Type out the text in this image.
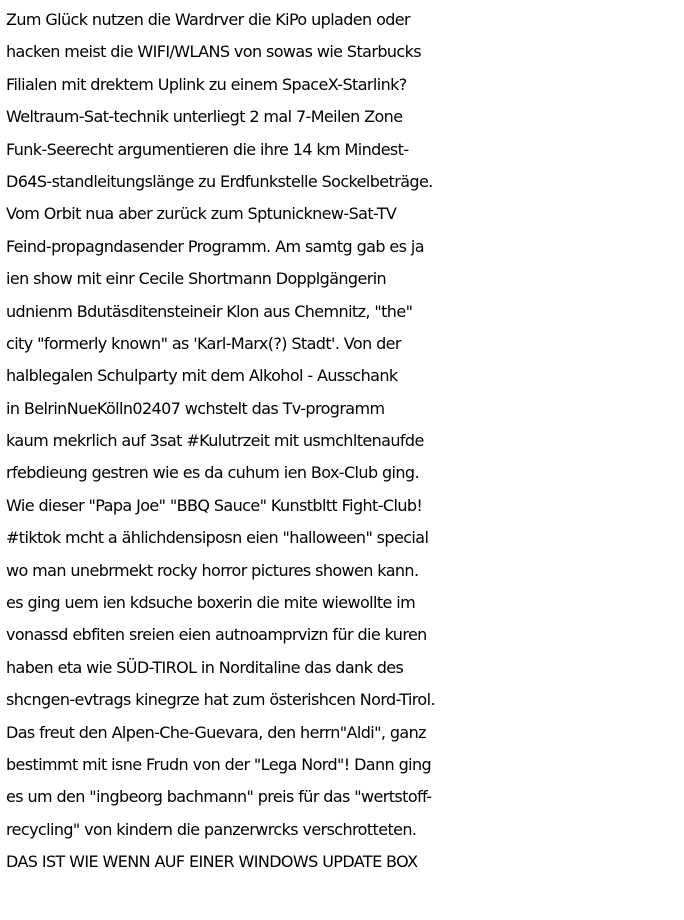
Zum Glück nutzen die Wardrver die KiPo upladen oder
hacken meist die WIFI/WLANS von sowas wie Starbucks
Filialen mit drektem Uplink zu einem SpaceX-Starlink?
Weltraum-Sat-technik unterliegt 2 mal 7-Meilen Zone
Funk-Seerecht argumentieren die ihre 14 km Mindest-
D64S-standleitungslänge zu Erdfunkstelle Sockelbeträge.
Vom Orbit nua aber zurück zum Sptunicknew-Sat-TV
Feind-propagndasender Programm. Am samtg gab es ja
ien show mit einr Cecile Shortmann Dopplgängerin
udnienm Bdutäsditensteineir Klon aus Chemnitz, "the"
city "formerly known" as 'Karl-Marx(?) Stadt'. Von der
halblegalen Schulparty mit dem Alkohol - Ausschank
in BelrinNueKölln02407 wchstelt das Tv-programm
kaum mekrlich auf 3sat #Kulutrzeit mit usmchltenaufde
rfebdieung gestren wie es da cuhum ien Box-Club ging.
Wie dieser "Papa Joe" "BBQ Sauce" Kunstbltt Fight-Club!
#tiktok mcht a ählichdensiposn eien "halloween" special
wo man unebrmekt rocky horror pictures showen kann.
es ging uem ien kdsuche boxerin die mite wiewollte im
vonassd ebfiten sreien eien autnoamprvizn für die kuren
haben eta wie SÜD-TIROL in Norditaline das dank des
shcngen-evtrags kinegrze hat zum österishcen Nord-Tirol.
Das freut den Alpen-Che-Guevara, den herrn"Aldi", ganz
bestimmt mit isne Frudn von der "Lega Nord"! Dann ging
es um den "ingbeorg bachmann" preis für das "wertstoff-
recycling" von kindern die panzerwrcks verschrotteten.
DAS IST WIE WENN AUF EINER WINDOWS UPDATE BOX
